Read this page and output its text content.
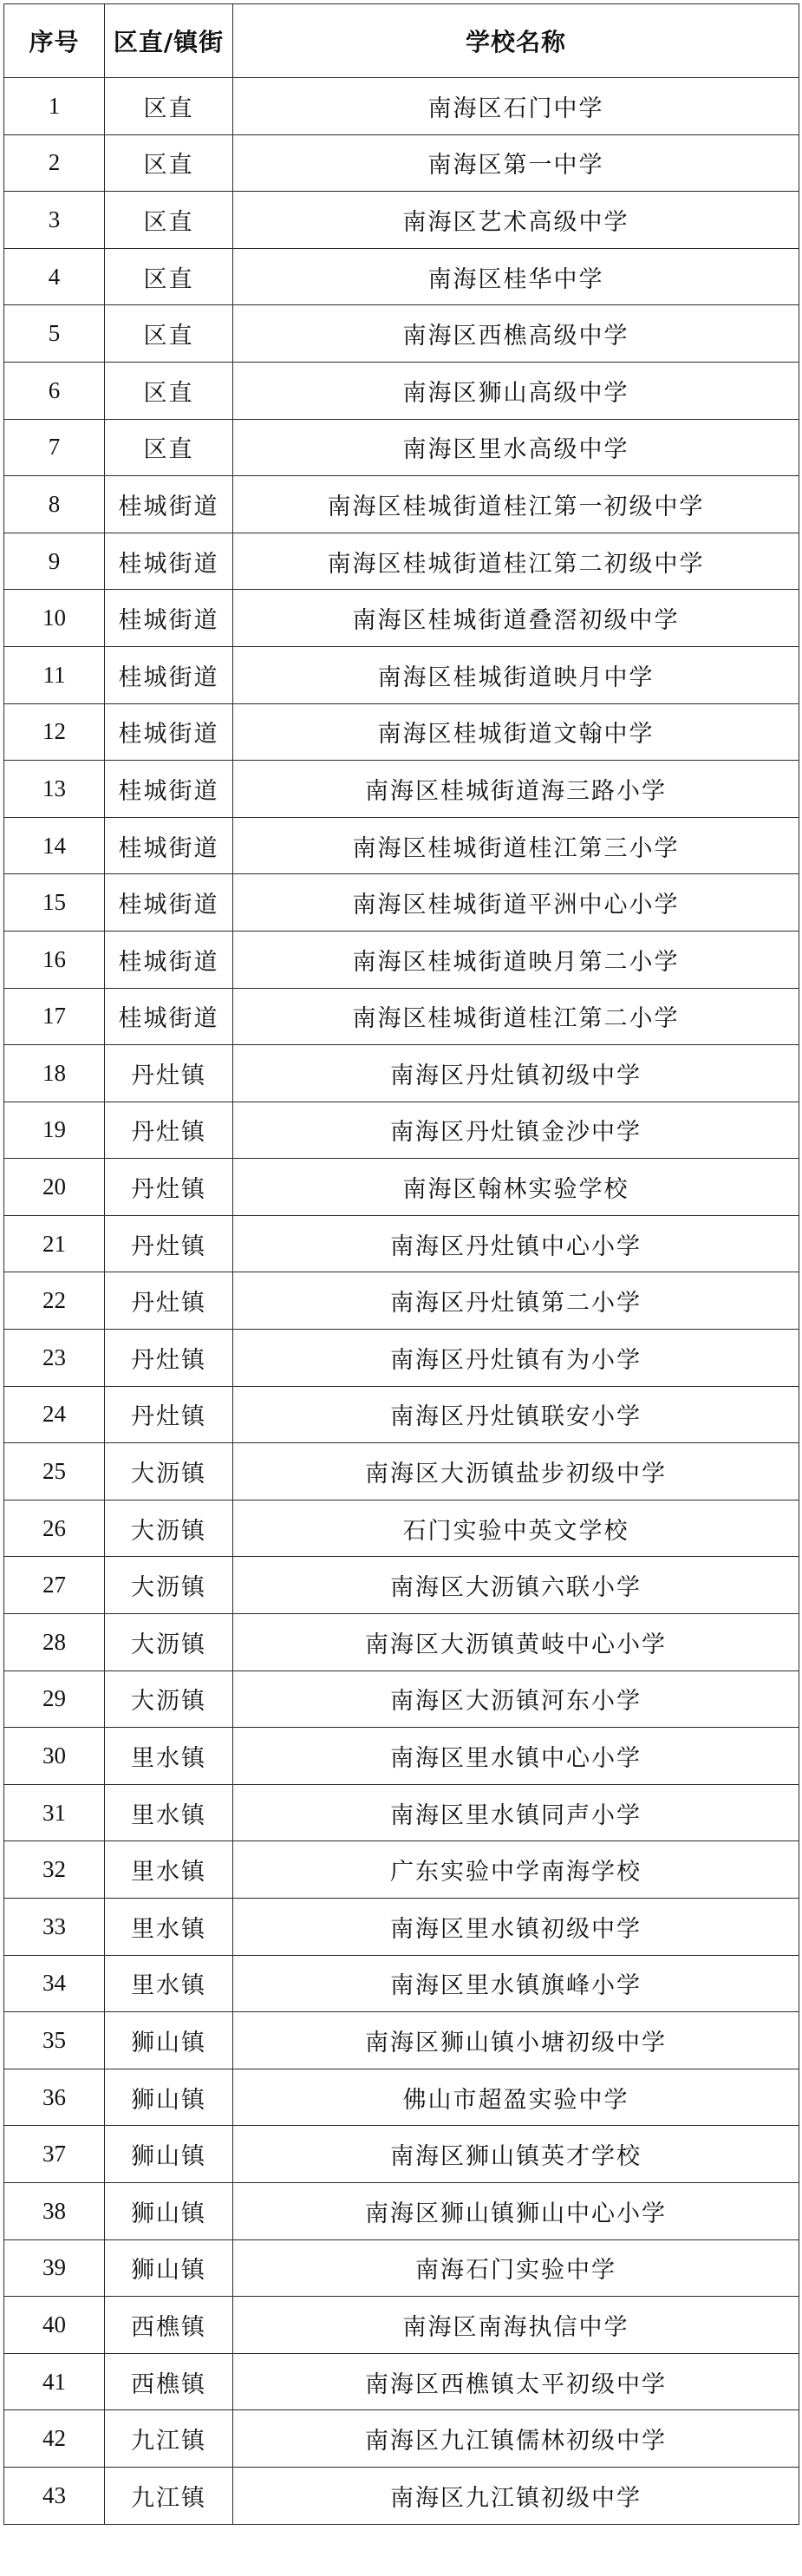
序号	区直/镇街	学校名称
1	区直	南海区石门中学
2	区直	南海区第一中学
3	区直	南海区艺术高级中学
4	区直	南海区桂华中学
5	区直	南海区西樵高级中学
6	区直	南海区狮山高级中学
7	区直	南海区里水高级中学
8	桂城街道	南海区桂城街道桂江第一初级中学
9	桂城街道	南海区桂城街道桂江第二初级中学
10	桂城街道	南海区桂城街道叠滘初级中学
11	桂城街道	南海区桂城街道映月中学
12	桂城街道	南海区桂城街道文翰中学
13	桂城街道	南海区桂城街道海三路小学
14	桂城街道	南海区桂城街道桂江第三小学
15	桂城街道	南海区桂城街道平洲中心小学
16	桂城街道	南海区桂城街道映月第二小学
17	桂城街道	南海区桂城街道桂江第二小学
18	丹灶镇	南海区丹灶镇初级中学
19	丹灶镇	南海区丹灶镇金沙中学
20	丹灶镇	南海区翰林实验学校
21	丹灶镇	南海区丹灶镇中心小学
22	丹灶镇	南海区丹灶镇第二小学
23	丹灶镇	南海区丹灶镇有为小学
24	丹灶镇	南海区丹灶镇联安小学
25	大沥镇	南海区大沥镇盐步初级中学
26	大沥镇	石门实验中英文学校
27	大沥镇	南海区大沥镇六联小学
28	大沥镇	南海区大沥镇黄岐中心小学
29	大沥镇	南海区大沥镇河东小学
30	里水镇	南海区里水镇中心小学
31	里水镇	南海区里水镇同声小学
32	里水镇	广东实验中学南海学校
33	里水镇	南海区里水镇初级中学
34	里水镇	南海区里水镇旗峰小学
35	狮山镇	南海区狮山镇小塘初级中学
36	狮山镇	佛山市超盈实验中学
37	狮山镇	南海区狮山镇英才学校
38	狮山镇	南海区狮山镇狮山中心小学
39	狮山镇	南海石门实验中学
40	西樵镇	南海区南海执信中学
41	西樵镇	南海区西樵镇太平初级中学
42	九江镇	南海区九江镇儒林初级中学
43	九江镇	南海区九江镇初级中学
